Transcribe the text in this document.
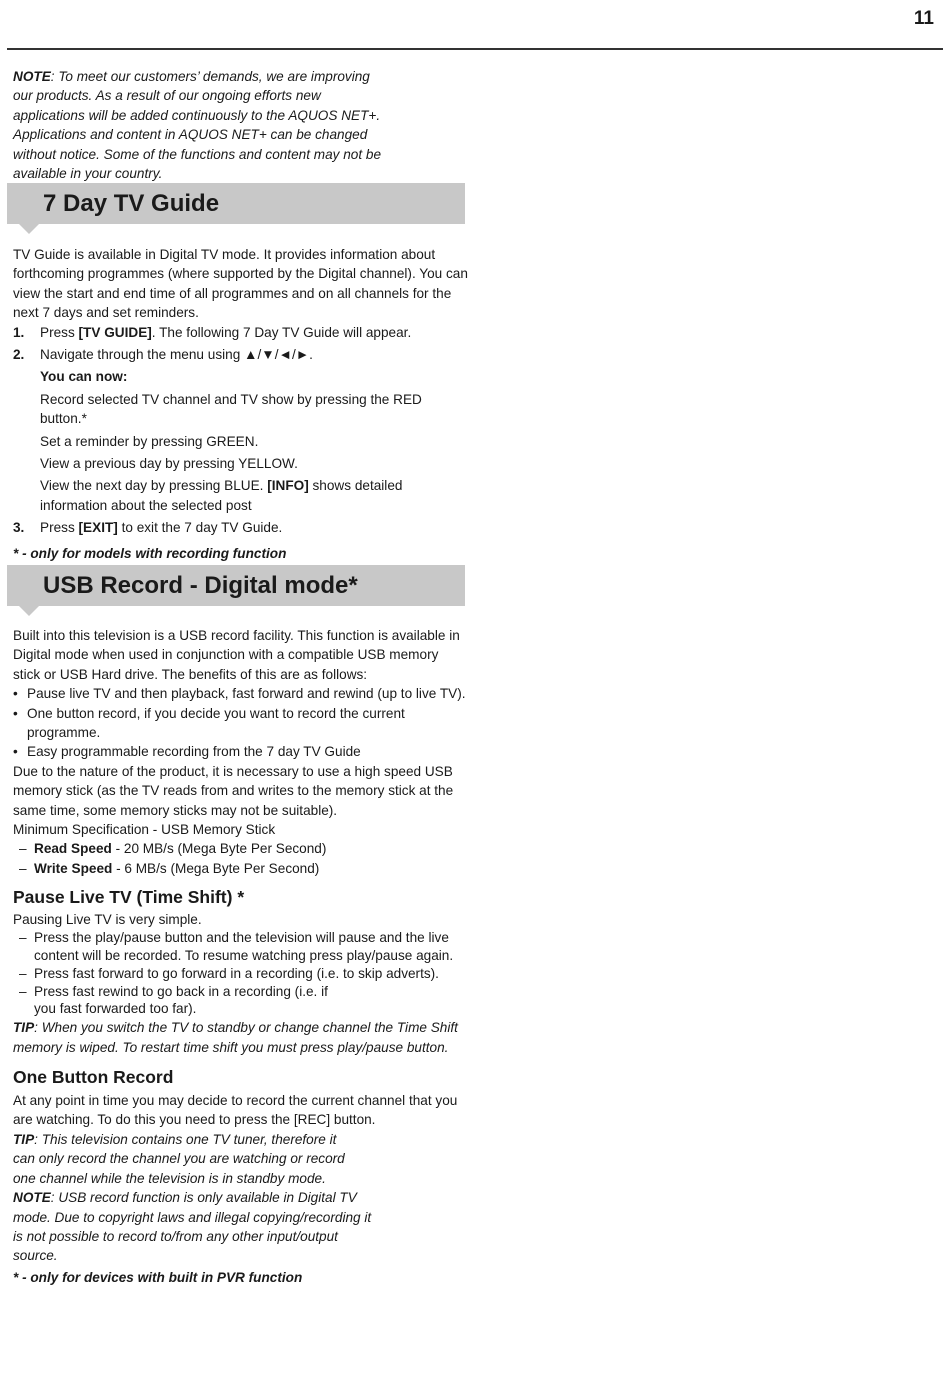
11

NOTE: To meet our customers’ demands, we are improving our products. As a result of our ongoing efforts new applications will be added continuously to the AQUOS NET+. Applications and content in AQUOS NET+ can be changed without notice. Some of the functions and content may not be available in your country.

7 Day TV Guide

TV Guide is available in Digital TV mode. It provides information about forthcoming programmes (where supported by the Digital channel). You can view the start and end time of all programmes and on all channels for the next 7 days and set reminders.

1. Press [TV GUIDE]. The following 7 Day TV Guide will appear.
2. Navigate through the menu using ▲/▼/◄/►.
You can now:
Record selected TV channel and TV show by pressing the RED button.*
Set a reminder by pressing GREEN.
View a previous day by pressing YELLOW.
View the next day by pressing BLUE. [INFO] shows detailed information about the selected post
3. Press [EXIT] to exit the 7 day TV Guide.

* - only for models with recording function

USB Record - Digital mode*

Built into this television is a USB record facility. This function is available in Digital mode when used in conjunction with a compatible USB memory stick or USB Hard drive. The benefits of this are as follows:

• Pause live TV and then playback, fast forward and rewind (up to live TV).
• One button record, if you decide you want to record the current programme.
• Easy programmable recording from the 7 day TV Guide

Due to the nature of the product, it is necessary to use a high speed USB memory stick (as the TV reads from and writes to the memory stick at the same time, some memory sticks may not be suitable).

Minimum Specification - USB Memory Stick

– Read Speed - 20 MB/s (Mega Byte Per Second)
– Write Speed - 6 MB/s (Mega Byte Per Second)
Pause Live TV (Time Shift) *

Pausing Live TV is very simple.

– Press the play/pause button and the television will pause and the live content will be recorded. To resume watching press play/pause again.
– Press fast forward to go forward in a recording (i.e. to skip adverts).
– Press fast rewind to go back in a recording (i.e. if you fast forwarded too far).

TIP: When you switch the TV to standby or change channel the Time Shift memory is wiped. To restart time shift you must press play/pause button.

One Button Record

At any point in time you may decide to record the current channel that you are watching. To do this you need to press the [REC] button.

TIP: This television contains one TV tuner, therefore it can only record the channel you are watching or record one channel while the television is in standby mode.

NOTE: USB record function is only available in Digital TV mode. Due to copyright laws and illegal copying/recording it is not possible to record to/from any other input/output source.

* - only for devices with built in PVR function
